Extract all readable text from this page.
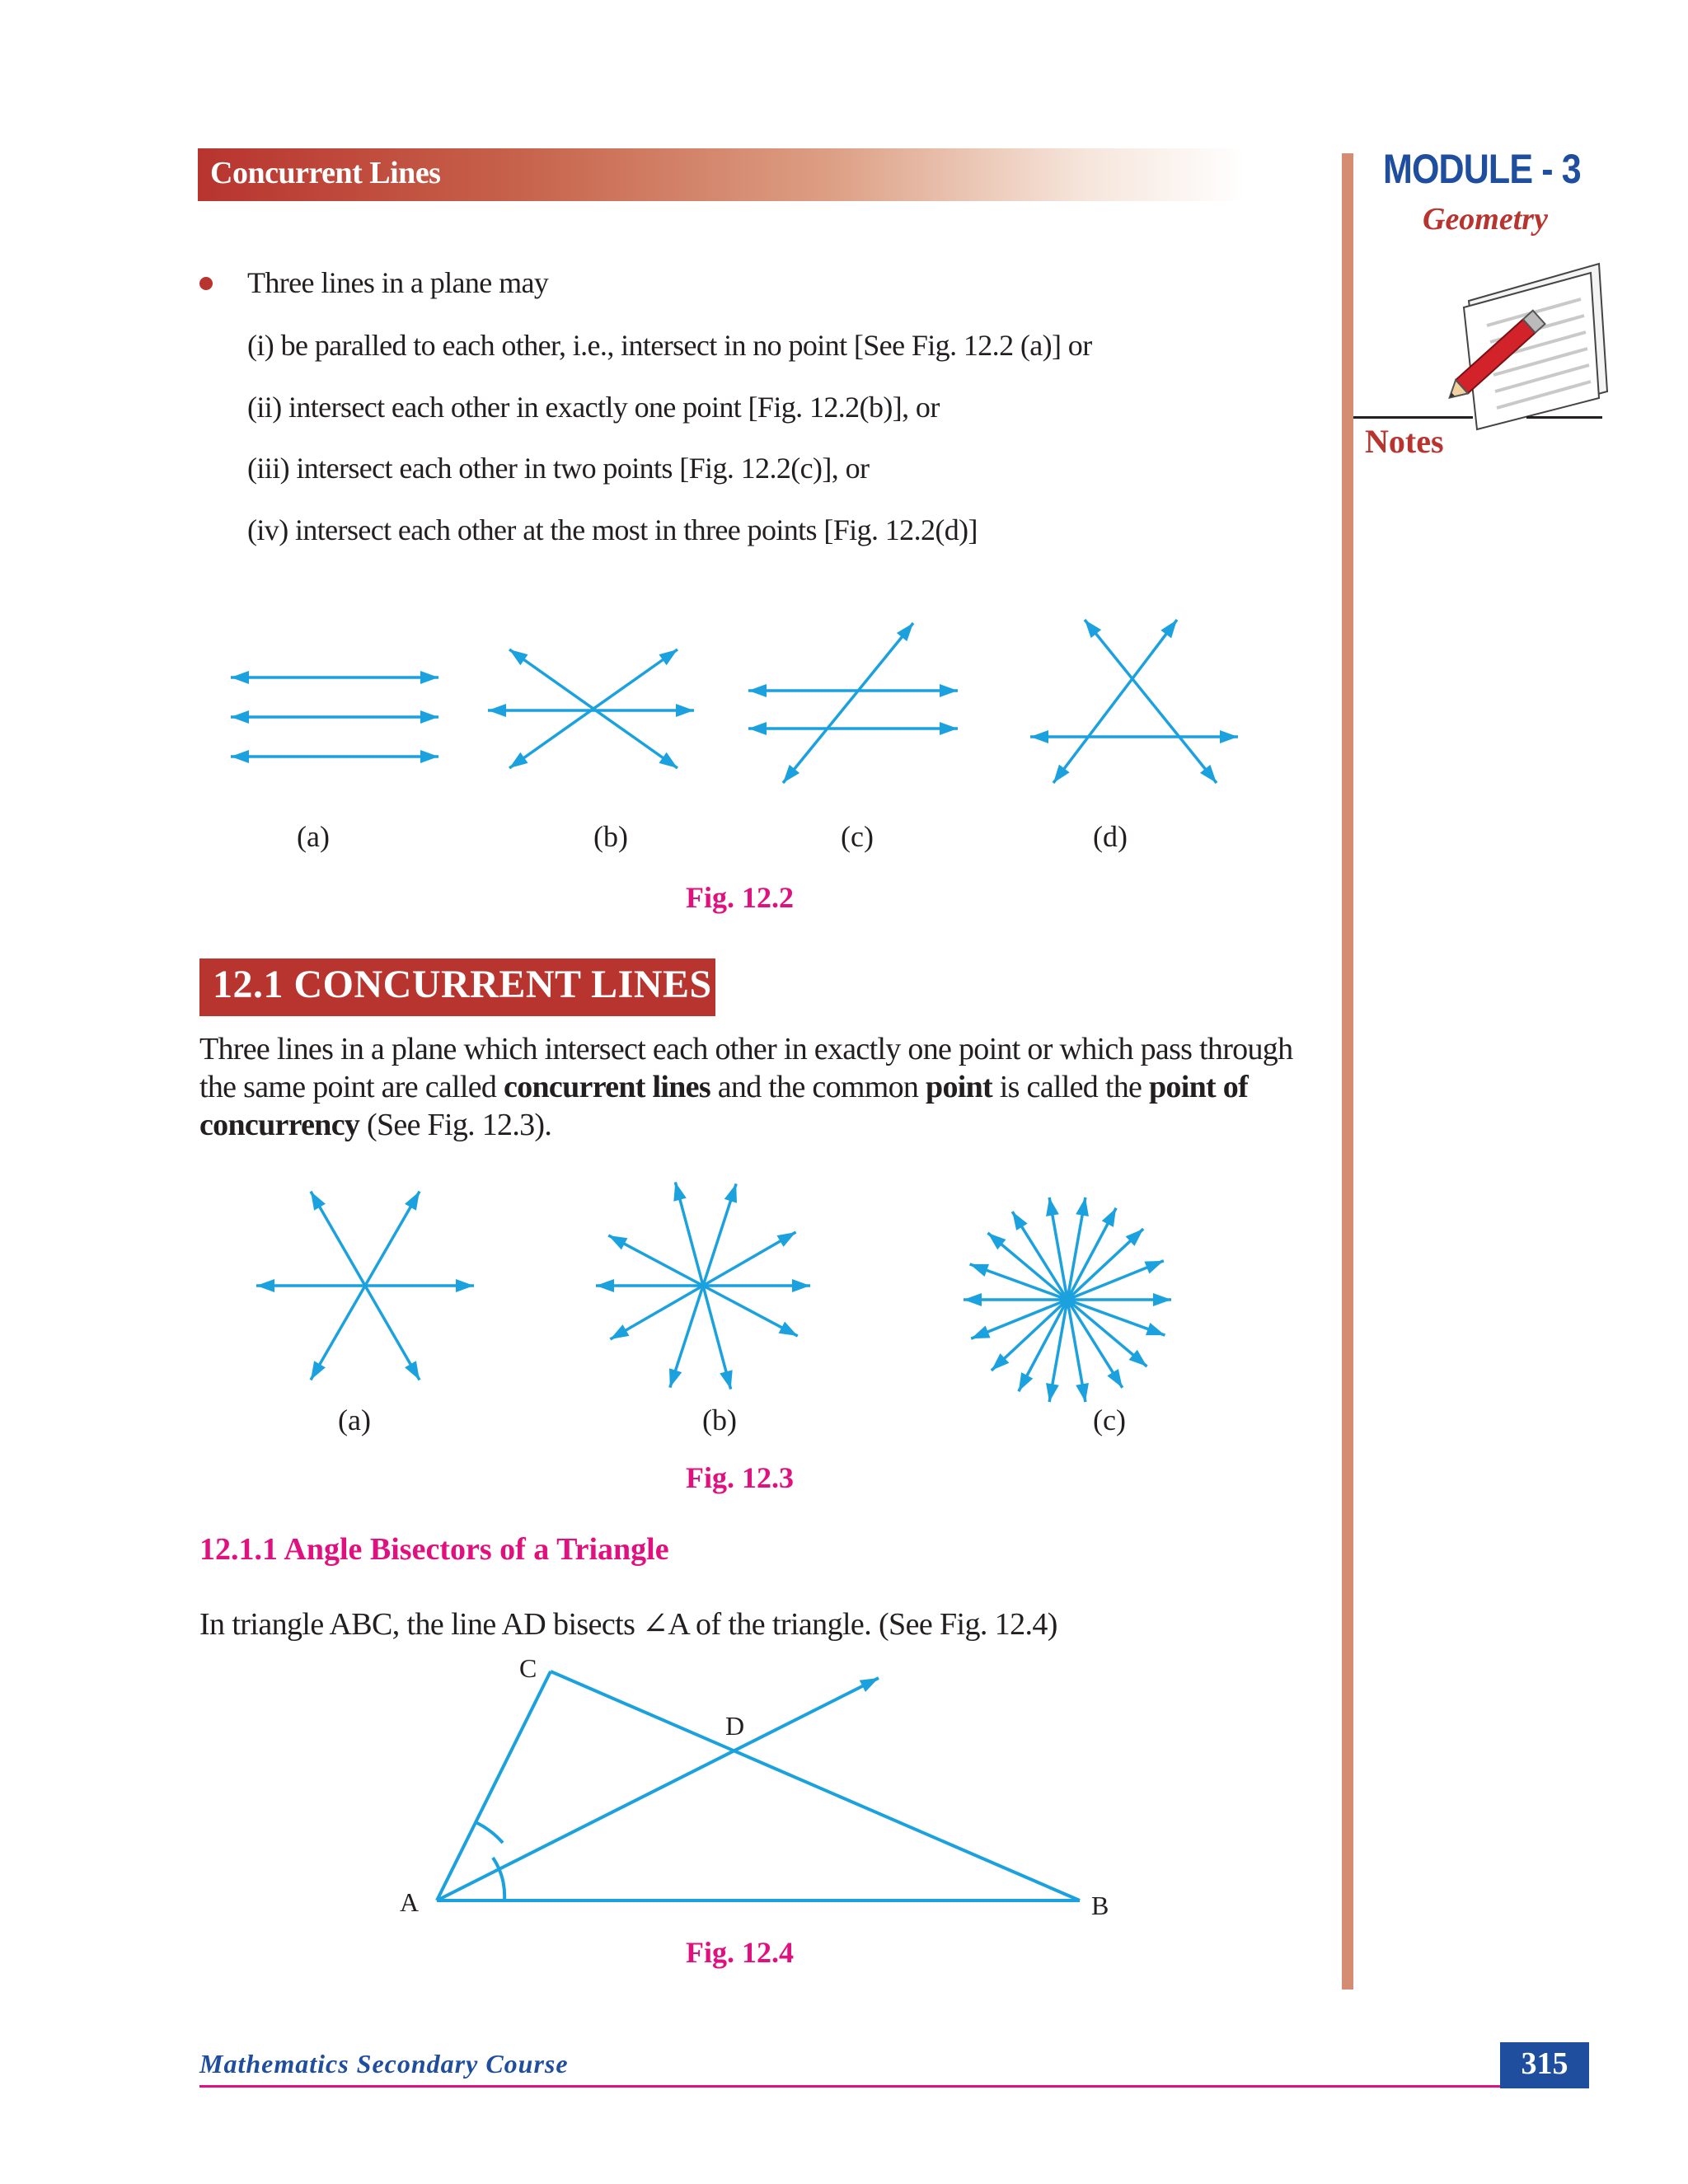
Concurrent Lines	MODULE - 3
Geometry
Notes
Three lines in a plane may
(i) be paralled to each other, i.e., intersect in no point [See Fig. 12.2 (a)] or
(ii) intersect each other in exactly one point [Fig. 12.2(b)], or
(iii) intersect each other in two points [Fig. 12.2(c)], or
(iv) intersect each other at the most in three points [Fig. 12.2(d)]
(a)	(b)	(c)	(d)
Fig. 12.2
12.1 CONCURRENT LINES
Three lines in a plane which intersect each other in exactly one point or which pass through the same point are called concurrent lines and the common point is called the point of concurrency (See Fig. 12.3).
(a)	(b)	(c)
Fig. 12.3
12.1.1 Angle Bisectors of a Triangle
In triangle ABC, the line AD bisects ∠A of the triangle. (See Fig. 12.4)
A	B
C
D
Fig. 12.4
Mathematics Secondary Course	315
